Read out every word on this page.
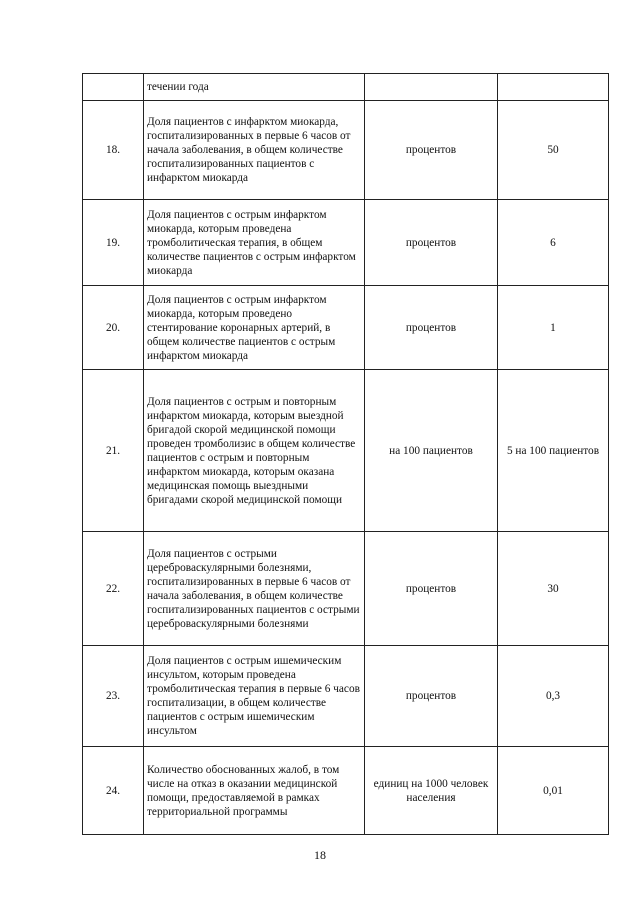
	течении года		
18.	Доля пациентов с инфарктом миокарда, госпитализированных в первые 6 часов от начала заболевания, в общем количестве госпитализированных пациентов с инфарктом миокарда	процентов	50
19.	Доля пациентов с острым инфарктом миокарда, которым проведена тромболитическая терапия, в общем количестве пациентов с острым инфарктом миокарда	процентов	6
20.	Доля пациентов с острым инфарктом миокарда, которым проведено стентирование коронарных артерий, в общем количестве пациентов с острым инфарктом миокарда	процентов	1
21.	Доля пациентов с острым и повторным инфарктом миокарда, которым выездной бригадой скорой медицинской помощи проведен тромболизис в общем количестве пациентов с острым и повторным инфарктом миокарда, которым оказана медицинская помощь выездными бригадами скорой медицинской помощи	на 100 пациентов	5 на 100 пациентов
22.	Доля пациентов с острыми цереброваскулярными болезнями, госпитализированных в первые 6 часов от начала заболевания, в общем количестве госпитализированных пациентов с острыми цереброваскулярными болезнями	процентов	30
23.	Доля пациентов с острым ишемическим инсультом, которым проведена тромболитическая терапия в первые 6 часов госпитализации, в общем количестве пациентов с острым ишемическим инсультом	процентов	0,3
24.	Количество обоснованных жалоб, в том числе на отказ в оказании медицинской помощи, предоставляемой в рамках территориальной программы	единиц на 1000 человек населения	0,01
18
